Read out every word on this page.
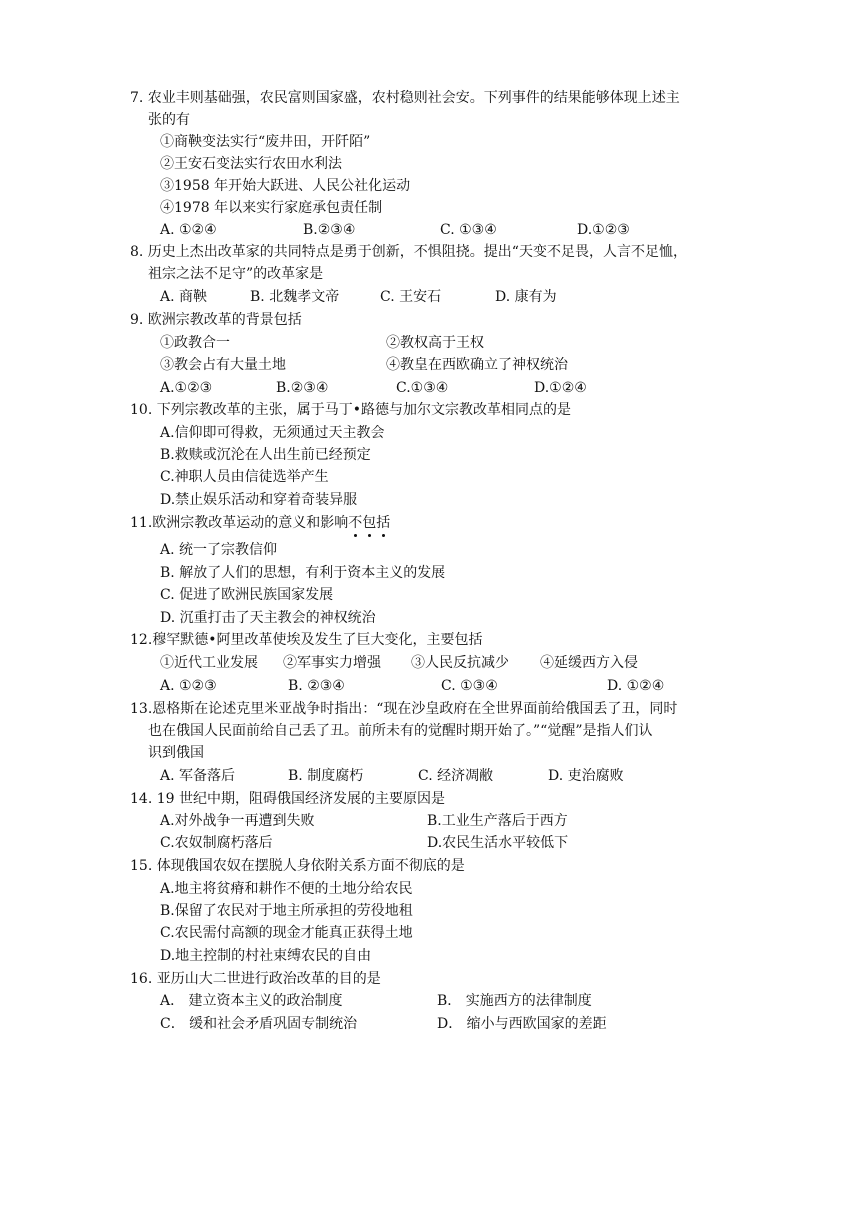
7. 农业丰则基础强，农民富则国家盛，农村稳则社会安。下列事件的结果能够体现上述主
张的有
①商鞅变法实行“废井田，开阡陌”
②王安石变法实行农田水利法
③1958 年开始大跃进、人民公社化运动
④1978 年以来实行家庭承包责任制
A. ①②④	B.②③④	C. ①③④	D.①②③
8. 历史上杰出改革家的共同特点是勇于创新，不惧阻挠。提出“天变不足畏，人言不足恤，
祖宗之法不足守”的改革家是
A. 商鞅	B. 北魏孝文帝	C. 王安石	D. 康有为
9. 欧洲宗教改革的背景包括
①政教合一	②教权高于王权
③教会占有大量土地	④教皇在西欧确立了神权统治
A.①②③	B.②③④	C.①③④	D.①②④
10. 下列宗教改革的主张，属于马丁•路德与加尔文宗教改革相同点的是
A.信仰即可得救，无须通过天主教会
B.救赎或沉沦在人出生前已经预定
C.神职人员由信徒选举产生
D.禁止娱乐活动和穿着奇装异服
11.欧洲宗教改革运动的意义和影响不包括
A. 统一了宗教信仰
B. 解放了人们的思想，有利于资本主义的发展
C. 促进了欧洲民族国家发展
D. 沉重打击了天主教会的神权统治
12.穆罕默德•阿里改革使埃及发生了巨大变化，主要包括
①近代工业发展 ②军事实力增强 ③人民反抗减少 ④延缓西方入侵
A. ①②③	B. ②③④	C. ①③④	D. ①②④
13.恩格斯在论述克里米亚战争时指出：“现在沙皇政府在全世界面前给俄国丢了丑，同时
也在俄国人民面前给自己丢了丑。前所未有的觉醒时期开始了。”“觉醒”是指人们认
识到俄国
A. 军备落后	B. 制度腐朽	C. 经济凋敝	D. 吏治腐败
14. 19 世纪中期，阻碍俄国经济发展的主要原因是
A.对外战争一再遭到失败	B.工业生产落后于西方
C.农奴制腐朽落后	D.农民生活水平较低下
15. 体现俄国农奴在摆脱人身依附关系方面不彻底的是
A.地主将贫瘠和耕作不便的土地分给农民
B.保留了农民对于地主所承担的劳役地租
C.农民需付高额的现金才能真正获得土地
D.地主控制的村社束缚农民的自由
16. 亚历山大二世进行政治改革的目的是
A． 建立资本主义的政治制度	B． 实施西方的法律制度
C． 缓和社会矛盾巩固专制统治	D． 缩小与西欧国家的差距
